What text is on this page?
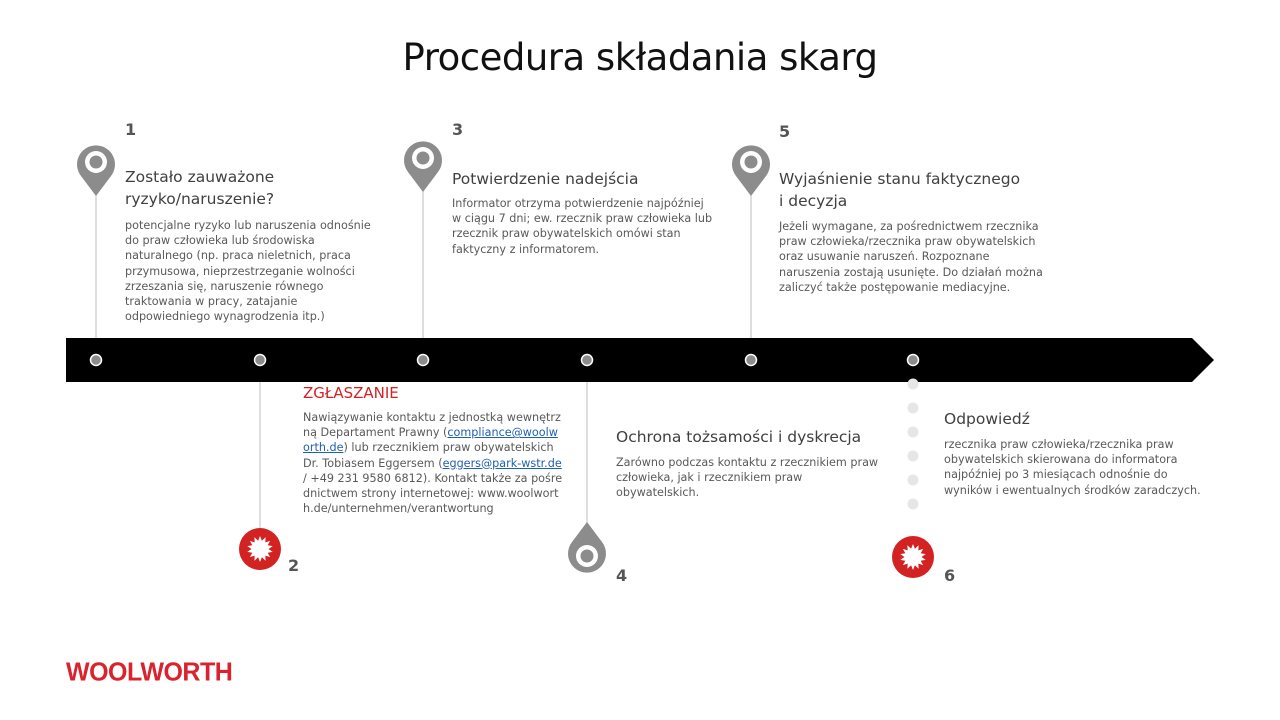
Procedura składania skarg
1
2
3
4
5
6
Zostało zauważone ryzyko/naruszenie?
potencjalne ryzyko lub naruszenia odnośnie do praw człowieka lub środowiska naturalnego (np. praca nieletnich, praca przymusowa, nieprzestrzeganie wolności zrzeszania się, naruszenie równego traktowania w pracy, zatajanie odpowiedniego wynagrodzenia itp.)
ZGŁASZANIE
Nawiązywanie kontaktu z jednostką wewnętrzną Departament Prawny (compliance@woolworth.de) lub rzecznikiem praw obywatelskich Dr. Tobiasem Eggersem (eggers@park-wstr.de / +49 231 9580 6812). Kontakt także za pośrednictwem strony internetowej: www.woolworth.de/unternehmen/verantwortung
Potwierdzenie nadejścia
Informator otrzyma potwierdzenie najpóźniej w ciągu 7 dni; ew. rzecznik praw człowieka lub rzecznik praw obywatelskich omówi stan faktyczny z informatorem.
Ochrona tożsamości i dyskrecja
Zarówno podczas kontaktu z rzecznikiem praw człowieka, jak i rzecznikiem praw obywatelskich.
Wyjaśnienie stanu faktycznego i decyzja
Jeżeli wymagane, za pośrednictwem rzecznika praw człowieka/rzecznika praw obywatelskich oraz usuwanie naruszeń. Rozpoznane naruszenia zostają usunięte. Do działań można zaliczyć także postępowanie mediacyjne.
Odpowiedź
rzecznika praw człowieka/rzecznika praw obywatelskich skierowana do informatora najpóźniej po 3 miesiącach odnośnie do wyników i ewentualnych środków zaradczych.
WOOLWORTH
